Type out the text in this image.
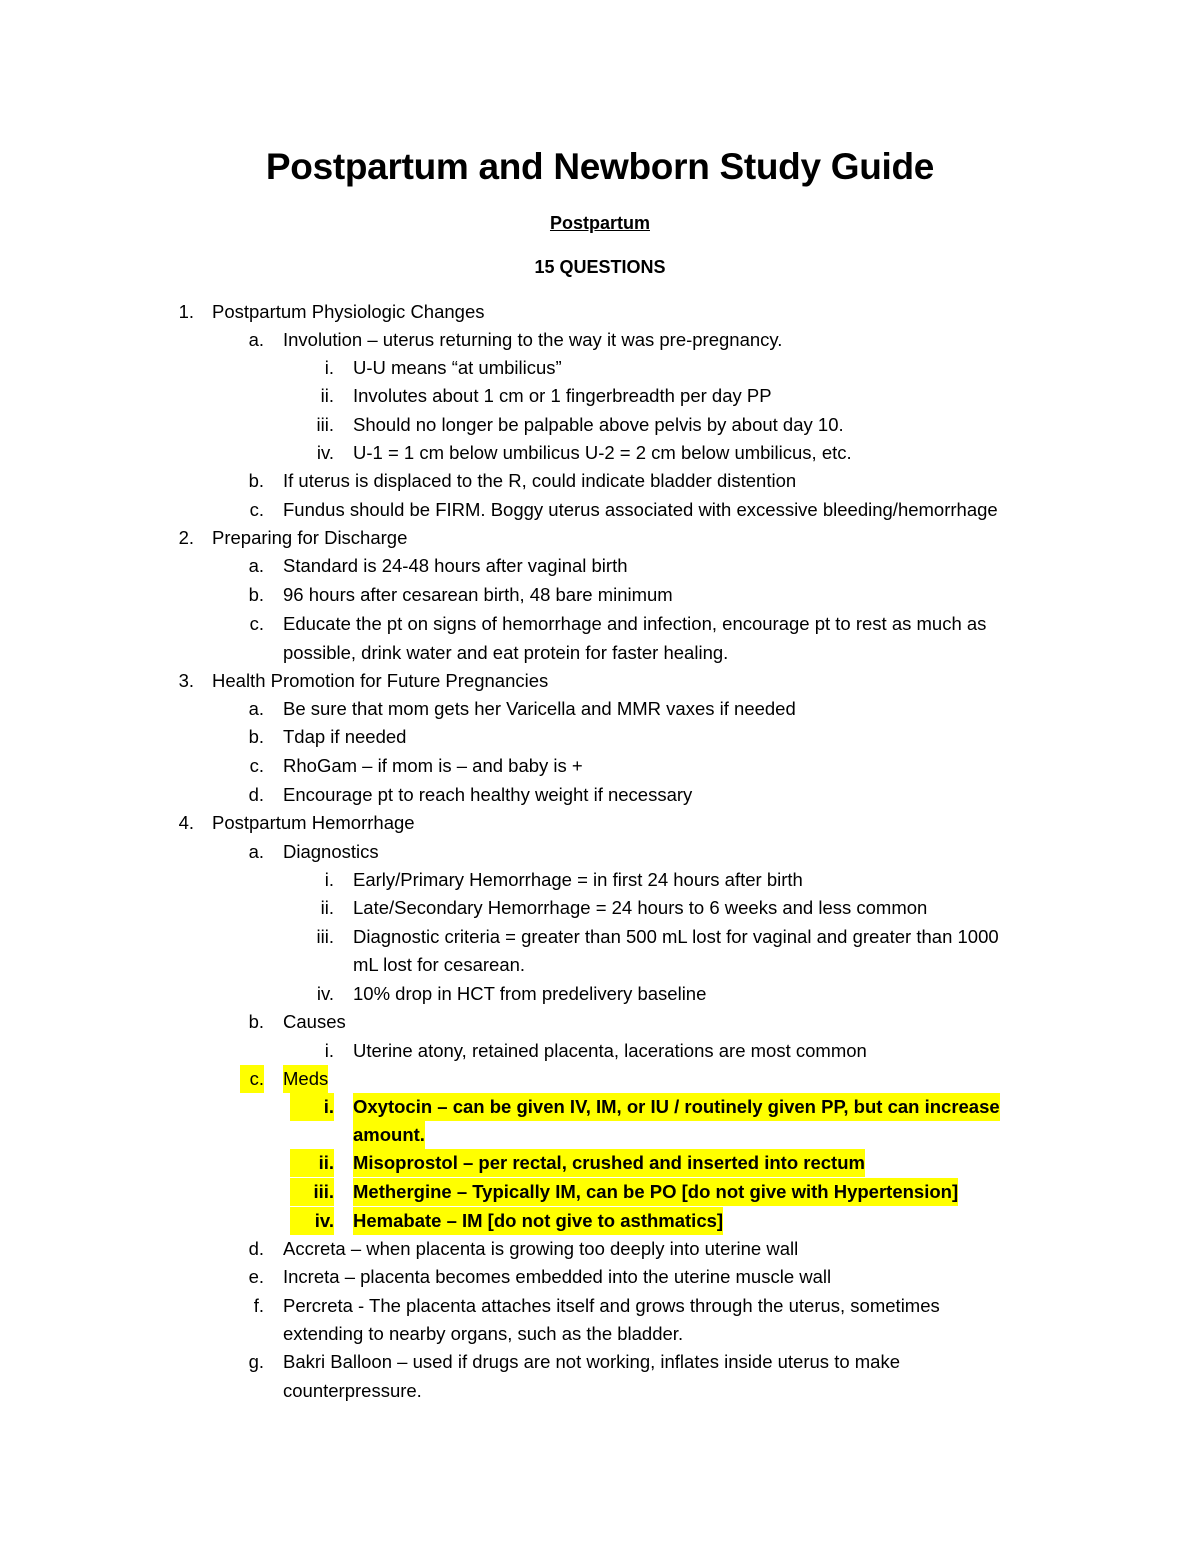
Postpartum and Newborn Study Guide
Postpartum
15 QUESTIONS
1. Postpartum Physiologic Changes
a. Involution – uterus returning to the way it was pre-pregnancy.
i. U-U means “at umbilicus”
ii. Involutes about 1 cm or 1 fingerbreadth per day PP
iii. Should no longer be palpable above pelvis by about day 10.
iv. U-1 = 1 cm below umbilicus U-2 = 2 cm below umbilicus, etc.
b. If uterus is displaced to the R, could indicate bladder distention
c. Fundus should be FIRM. Boggy uterus associated with excessive bleeding/hemorrhage
2. Preparing for Discharge
a. Standard is 24-48 hours after vaginal birth
b. 96 hours after cesarean birth, 48 bare minimum
c. Educate the pt on signs of hemorrhage and infection, encourage pt to rest as much as
possible, drink water and eat protein for faster healing.
3. Health Promotion for Future Pregnancies
a. Be sure that mom gets her Varicella and MMR vaxes if needed
b. Tdap if needed
c. RhoGam – if mom is – and baby is +
d. Encourage pt to reach healthy weight if necessary
4. Postpartum Hemorrhage
a. Diagnostics
i. Early/Primary Hemorrhage = in first 24 hours after birth
ii. Late/Secondary Hemorrhage = 24 hours to 6 weeks and less common
iii. Diagnostic criteria = greater than 500 mL lost for vaginal and greater than 1000
mL lost for cesarean.
iv. 10% drop in HCT from predelivery baseline
b. Causes
i. Uterine atony, retained placenta, lacerations are most common
c. Meds
i. Oxytocin – can be given IV, IM, or IU / routinely given PP, but can increase
amount.
ii. Misoprostol – per rectal, crushed and inserted into rectum
iii. Methergine – Typically IM, can be PO [do not give with Hypertension]
iv. Hemabate – IM [do not give to asthmatics]
d. Accreta – when placenta is growing too deeply into uterine wall
e. Increta – placenta becomes embedded into the uterine muscle wall
f. Percreta - The placenta attaches itself and grows through the uterus, sometimes
extending to nearby organs, such as the bladder.
g. Bakri Balloon – used if drugs are not working, inflates inside uterus to make
counterpressure.
